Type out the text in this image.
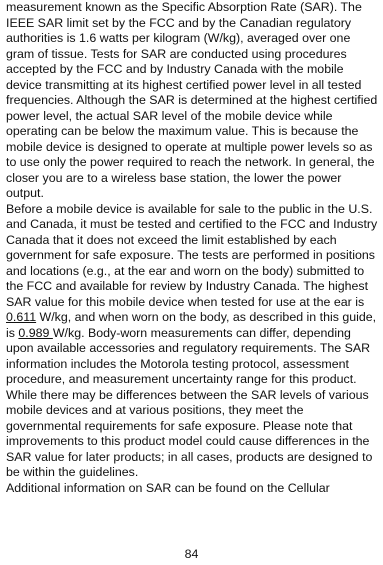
measurement known as the Specific Absorption Rate (SAR). The IEEE SAR limit set by the FCC and by the Canadian regulatory authorities is 1.6 watts per kilogram (W/kg), averaged over one gram of tissue. Tests for SAR are conducted using procedures accepted by the FCC and by Industry Canada with the mobile device transmitting at its highest certified power level in all tested frequencies. Although the SAR is determined at the highest certified power level, the actual SAR level of the mobile device while operating can be below the maximum value. This is because the mobile device is designed to operate at multiple power levels so as to use only the power required to reach the network. In general, the closer you are to a wireless base station, the lower the power output.

Before a mobile device is available for sale to the public in the U.S. and Canada, it must be tested and certified to the FCC and Industry Canada that it does not exceed the limit established by each government for safe exposure. The tests are performed in positions and locations (e.g., at the ear and worn on the body) submitted to the FCC and available for review by Industry Canada. The highest SAR value for this mobile device when tested for use at the ear is 0.611 W/kg, and when worn on the body, as described in this guide, is 0.989 W/kg. Body-worn measurements can differ, depending upon available accessories and regulatory requirements. The SAR information includes the Motorola testing protocol, assessment procedure, and measurement uncertainty range for this product.

While there may be differences between the SAR levels of various mobile devices and at various positions, they meet the governmental requirements for safe exposure. Please note that improvements to this product model could cause differences in the SAR value for later products; in all cases, products are designed to be within the guidelines.

Additional information on SAR can be found on the Cellular

84
